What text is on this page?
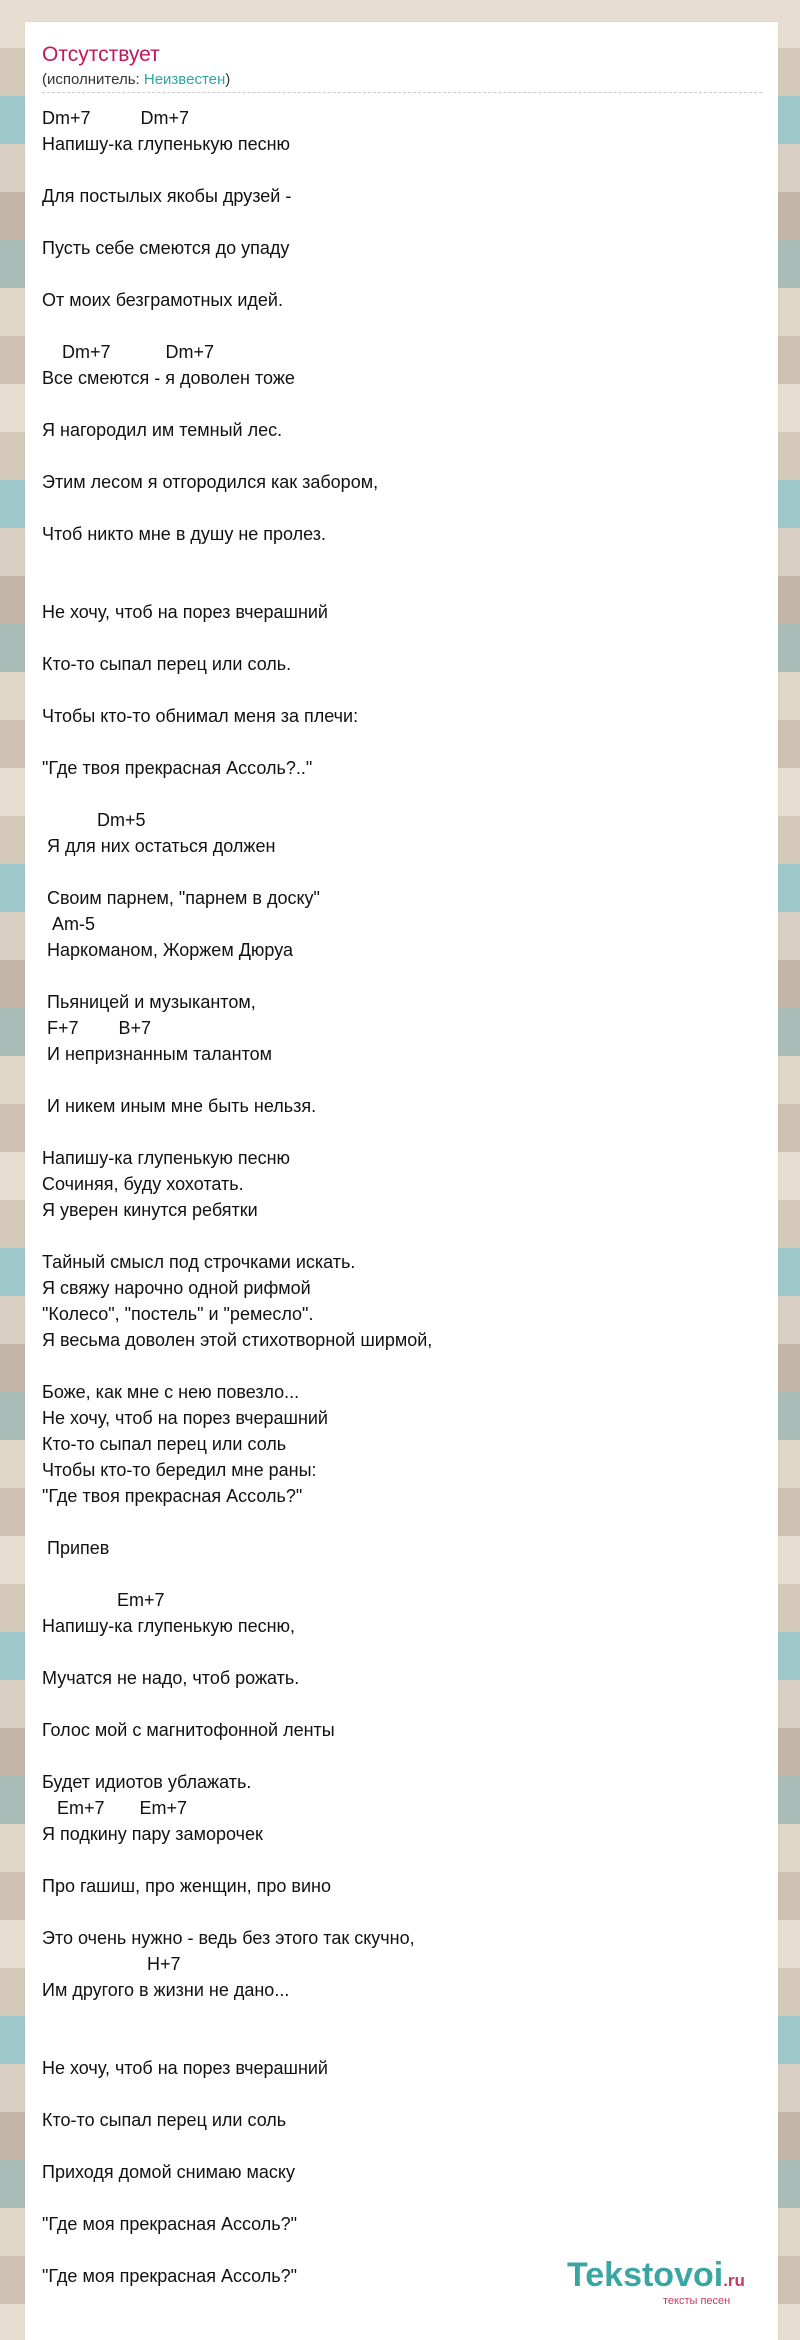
Отсутствует
(исполнитель: Неизвестен)
Dm+7          Dm+7
Напишу-ка глупенькую песню

Для постылых якобы друзей -

Пусть себе смеются до упаду

От моих безграмотных идей.

Dm+7           Dm+7
Все смеются - я доволен тоже

Я нагородил им темный лес.

Этим лесом я отгородился как забором,

Чтоб никто мне в душу не пролез.

Не хочу, чтоб на порез вчерашний

Кто-то сыпал перец или соль.

Чтобы кто-то обнимал меня за плечи:

"Где твоя прекрасная Ассоль?.."

Dm+5
Я для них остаться должен

Своим парнем, "парнем в доску"
Am-5
Наркоманом, Жоржем Дюруа

Пьяницей и музыкантом,
F+7        B+7
И непризнанным талантом

И никем иным мне быть нельзя.

Напишу-ка глупенькую песню
Сочиняя, буду хохотать.
Я уверен кинутся ребятки

Тайный смысл под строчками искать.
Я свяжу нарочно одной рифмой
"Колесо", "постель" и "ремесло".
Я весьма доволен этой стихотворной ширмой,

Боже, как мне с нею повезло...
Не хочу, чтоб на порез вчерашний
Кто-то сыпал перец или соль
Чтобы кто-то бередил мне раны:
"Где твоя прекрасная Ассоль?"

Припев

Em+7
Напишу-ка глупенькую песню,

Мучатся не надо, чтоб рожать.

Голос мой с магнитофонной ленты

Будет идиотов ублажать.
Em+7       Em+7
Я подкину пару заморочек

Про гашиш, про женщин, про вино

Это очень нужно - ведь без этого так скучно,
H+7
Им другого в жизни не дано...

Не хочу, чтоб на порез вчерашний

Кто-то сыпал перец или соль

Приходя домой снимаю маску

"Где моя прекрасная Ассоль?"

"Где моя прекрасная Ассоль?"	Tekstovoi.ru
тексты песен
